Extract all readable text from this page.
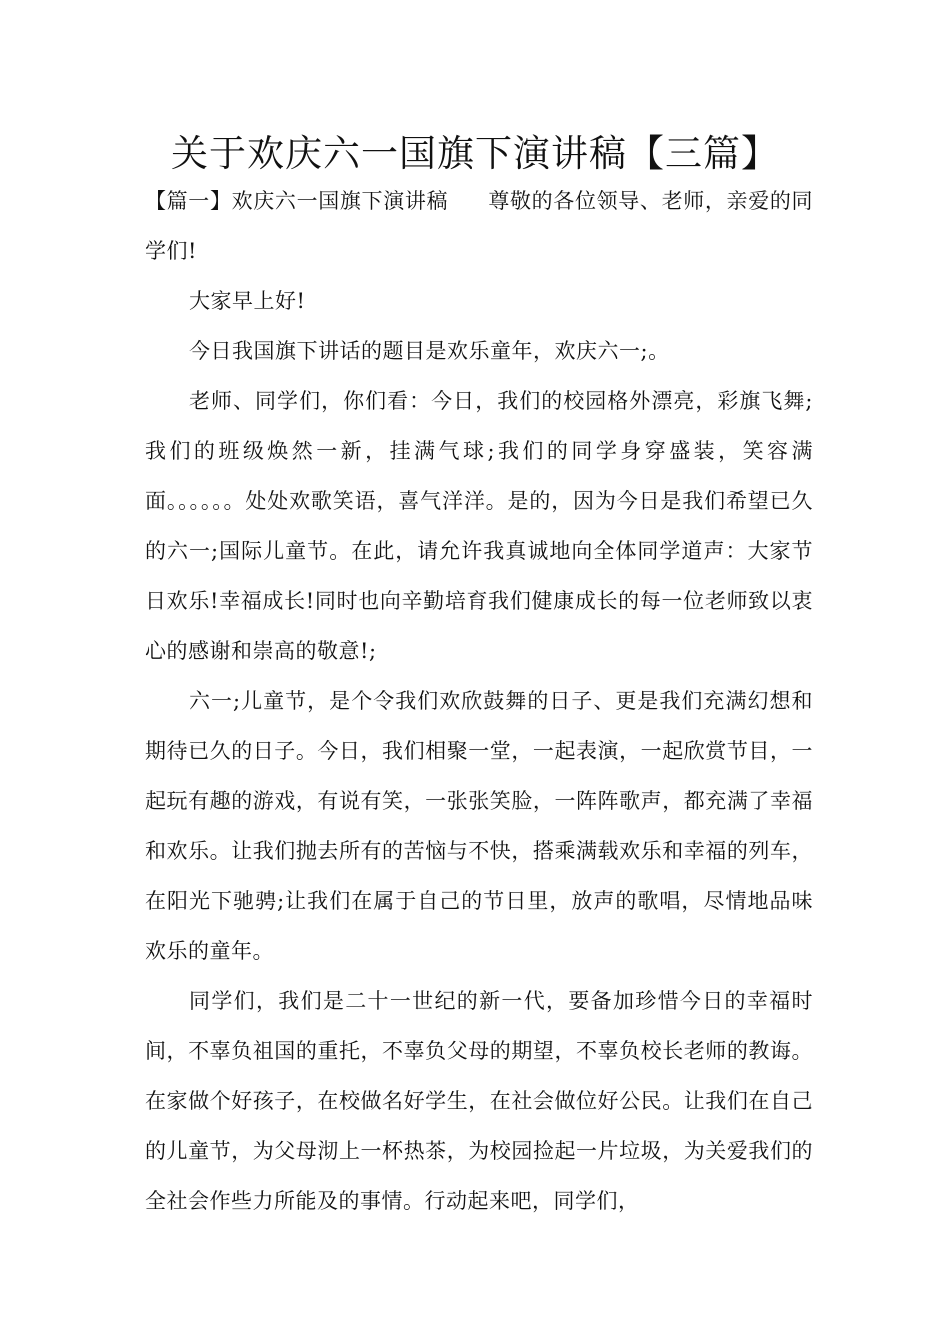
关于欢庆六一国旗下演讲稿【三篇】

【篇一】欢庆六一国旗下演讲稿 尊敬的各位领导、老师，亲爱的同学们!

大家早上好!

今日我国旗下讲话的题目是欢乐童年，欢庆六一;。

老师、同学们，你们看：今日，我们的校园格外漂亮，彩旗飞舞;我们的班级焕然一新，挂满气球;我们的同学身穿盛装，笑容满面。。。。。。处处欢歌笑语，喜气洋洋。是的，因为今日是我们希望已久的六一;国际儿童节。在此，请允许我真诚地向全体同学道声：大家节日欢乐!幸福成长!同时也向辛勤培育我们健康成长的每一位老师致以衷心的感谢和崇高的敬意!;

六一;儿童节，是个令我们欢欣鼓舞的日子、更是我们充满幻想和期待已久的日子。今日，我们相聚一堂，一起表演，一起欣赏节目，一起玩有趣的游戏，有说有笑，一张张笑脸，一阵阵歌声，都充满了幸福和欢乐。让我们抛去所有的苦恼与不快，搭乘满载欢乐和幸福的列车，在阳光下驰骋;让我们在属于自己的节日里，放声的歌唱，尽情地品味欢乐的童年。

同学们，我们是二十一世纪的新一代，要备加珍惜今日的幸福时间，不辜负祖国的重托，不辜负父母的期望，不辜负校长老师的教诲。在家做个好孩子，在校做名好学生，在社会做位好公民。让我们在自己的儿童节，为父母沏上一杯热茶，为校园捡起一片垃圾，为关爱我们的全社会作些力所能及的事情。行动起来吧，同学们，
